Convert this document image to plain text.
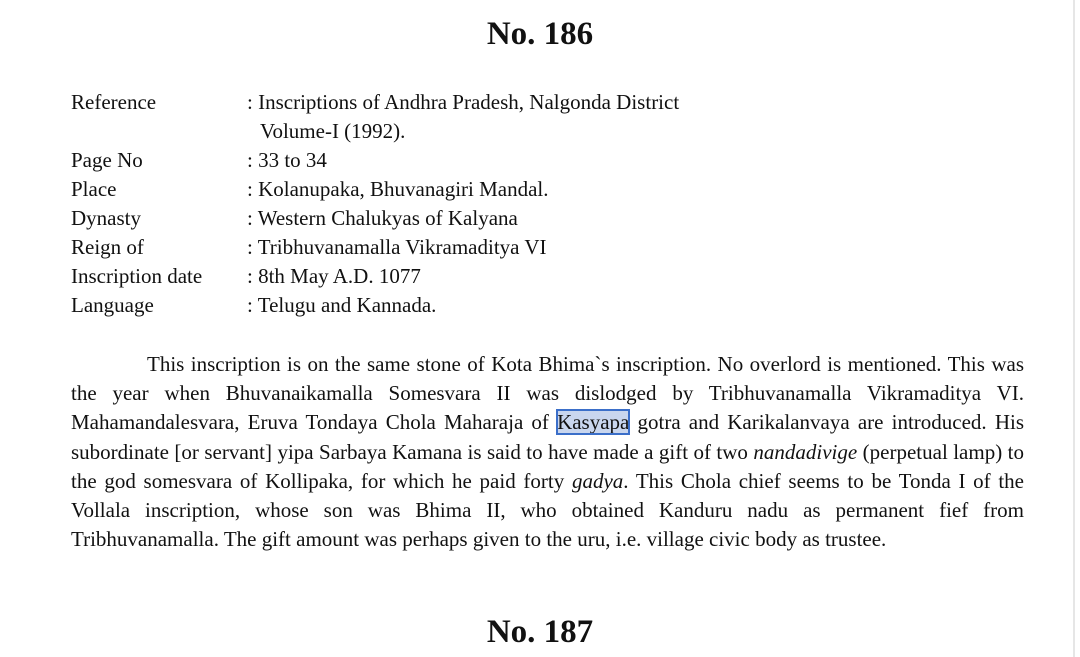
No. 186
Reference	: Inscriptions of Andhra Pradesh, Nalgonda District
Volume-I (1992).

Page No	: 33 to 34
Place	: Kolanupaka, Bhuvanagiri Mandal.
Dynasty	: Western Chalukyas of Kalyana
Reign of	: Tribhuvanamalla Vikramaditya VI
Inscription date	: 8th May A.D. 1077
Language	: Telugu and Kannada.

This inscription is on the same stone of Kota Bhima`s inscription. No overlord is mentioned. This was the year when Bhuvanaikamalla Somesvara II was dislodged by Tribhuvanamalla Vikramaditya VI. Mahamandalesvara, Eruva Tondaya Chola Maharaja of Kasyapa gotra and Karikalanvaya are introduced. His subordinate [or servant] yipa Sarbaya Kamana is said to have made a gift of two nandadivige (perpetual lamp) to the god somesvara of Kollipaka, for which he paid forty gadya. This Chola chief seems to be Tonda I of the Vollala inscription, whose son was Bhima II, who obtained Kanduru nadu as permanent fief from Tribhuvanamalla. The gift amount was perhaps given to the uru, i.e. village civic body as trustee.

No. 187
